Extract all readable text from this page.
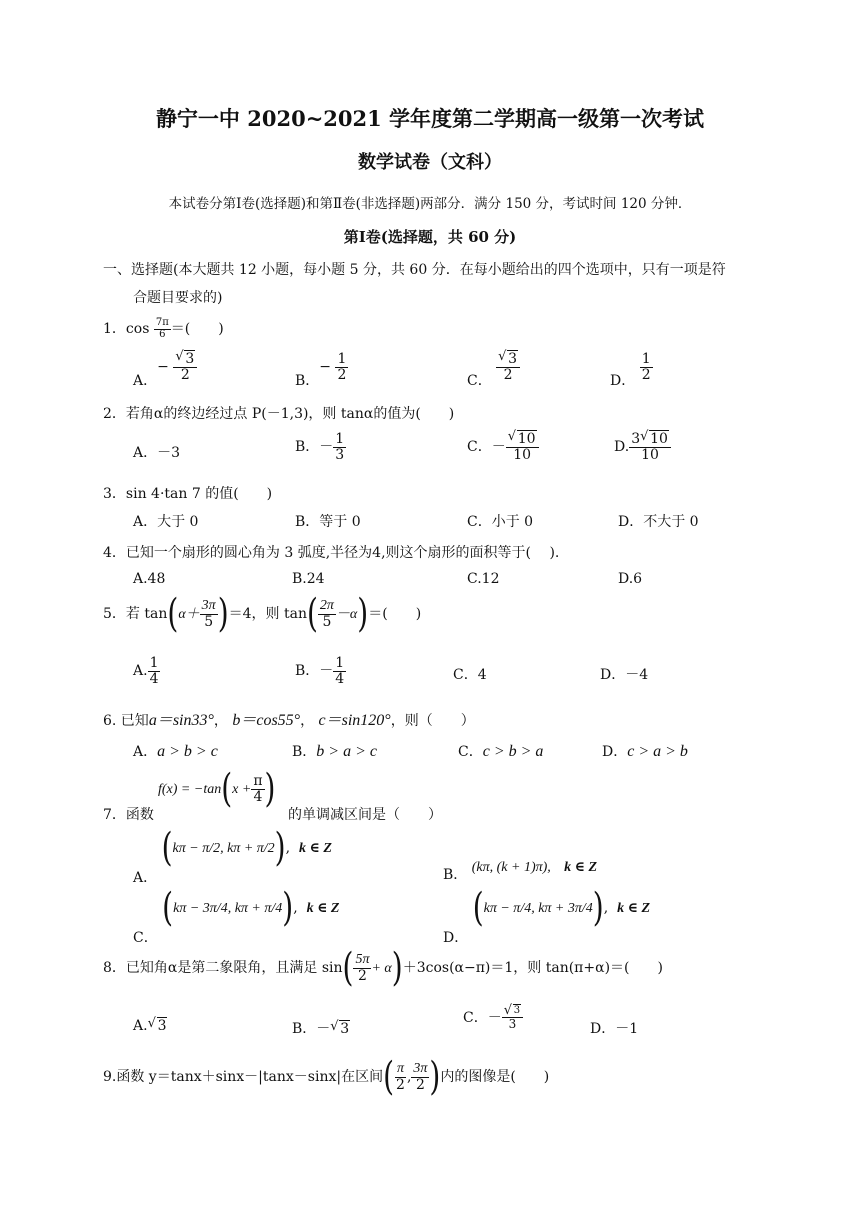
静宁一中 2020~2021 学年度第二学期高一级第一次考试
数学试卷（文科）
本试卷分第Ⅰ卷(选择题)和第Ⅱ卷(非选择题)两部分．满分 150 分，考试时间 120 分钟．
第Ⅰ卷(选择题，共 60 分)
一、选择题(本大题共 12 小题，每小题 5 分，共 60 分．在每小题给出的四个选项中，只有一项是符
合题目要求的)
1．$\cos \frac{7\pi}{6}$ ＝(　　)
A．− √ $\frac{3}{2}$	B．− $\frac{1}{2}$	C． √ $\frac{3}{2}$	D． $\frac{1}{2}$
2．若角α的终边经过点 P(－1,3)，则 tanα的值为(　　)
A．－3	B．－ $\frac{1}{3}$	C．－ √ $\frac{10}{10}$	D. $\frac{3 √ 10}{10}$
3．sin 4·tan 7 的值(　　)
A．大于 0	B．等于 0	C．小于 0	D．不大于 0
4．已知一个扇形的圆心角为 3 弧度,半径为4,则这个扇形的面积等于(　 ).
A.48	B.24	C.12	D.6
5．若 $\tan(\alpha+ \frac{3\pi}{5} )=4$，则 $\tan( \frac{2\pi}{5} -\alpha)=$(　　)
A. $\frac{1}{4}$	B．－ $\frac{1}{4}$	C．4	D．－4
6. 已知a＝sin33°， b＝cos55°， c＝sin120°，则（　　）
A．a > b > c	B．b > a > c	C．c > b > a	D．c > a > b
7．函数
$f(x) = -\tan(x + \frac{\pi}{4}$ )
的单调减区间是（　　）
A． (kπ − π/2, kπ + π/2),  k ∈ Z
B． (kπ, (k + 1)π), k ∈ Z
C． (kπ − 3π/4, kπ + π/4),  k ∈ Z
D． (kπ − π/4, kπ + 3π/4),  k ∈ Z
8．已知角α是第二象限角，且满足 $\sin( \frac{5\pi}{2} + \alpha)+3\cos(\alpha-\pi)=1$，则 tan(π+α)＝(　　)
A. √ 3	B．－ √ 3
C．－ √ $\frac{3}{3}$	D．－1
9.函数 y＝tanx＋sinx－|tanx－sinx|在区间( $\frac{\pi}{2}$ , $\frac{3\pi}{2}$ )内的图像是(　　)
